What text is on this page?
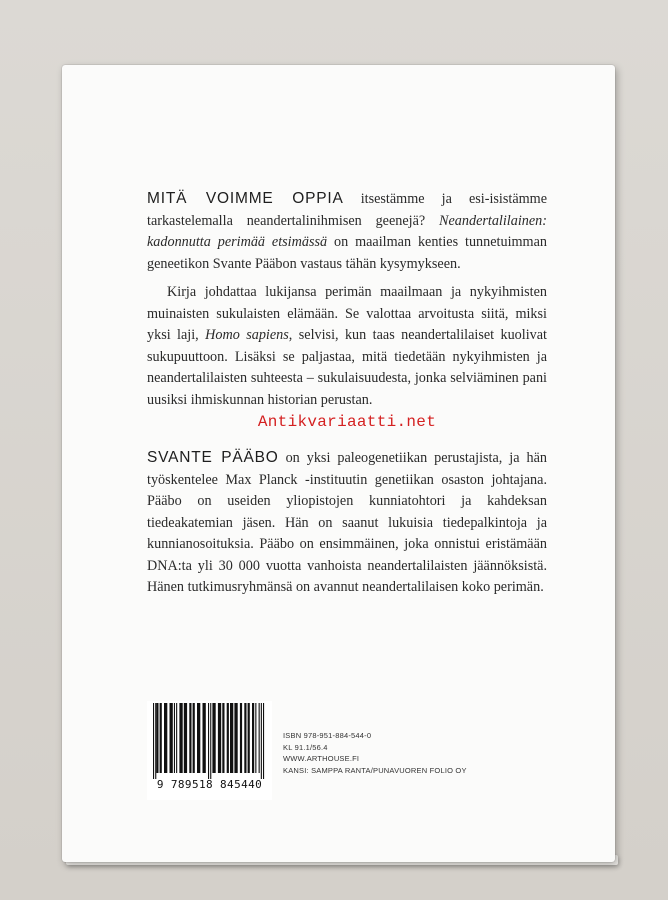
MITÄ VOIMME OPPIA itsestämme ja esi-isistämme tarkastelemalla neandertalinihmisen geenejä? Neandertalilainen: kadonnutta perimää etsimässä on maailman kenties tunnetuimman geneetikon Svante Pääbon vastaus tähän kysymykseen.

Kirja johdattaa lukijansa perimän maailmaan ja nykyihmisten muinaisten sukulaisten elämään. Se valottaa arvoitusta siitä, miksi yksi laji, Homo sapiens, selvisi, kun taas neandertalilaiset kuolivat sukupuuttoon. Lisäksi se paljastaa, mitä tiedetään nykyihmisten ja neandertalilaisten suhteesta – sukulaisuudesta, jonka selviäminen pani uusiksi ihmiskunnan historian perustan.

Antikvariaatti.net

SVANTE PÄÄBO on yksi paleogenetiikan perustajista, ja hän työskentelee Max Planck -instituutin genetiikan osaston johtajana. Pääbo on useiden yliopistojen kunniatohtori ja kahdeksan tiedeakatemian jäsen. Hän on saanut lukuisia tiedepalkintoja ja kunnianosoituksia. Pääbo on ensimmäinen, joka onnistui eristämään DNA:ta yli 30 000 vuotta vanhoista neandertalilaisten jäännöksistä. Hänen tutkimusryhmänsä on avannut neandertalilaisen koko perimän.

9 789518 845440
ISBN 978-951-884-544-0
KL 91.1/56.4
WWW.ARTHOUSE.FI
KANSI: SAMPPA RANTA/PUNAVUOREN FOLIO OY
